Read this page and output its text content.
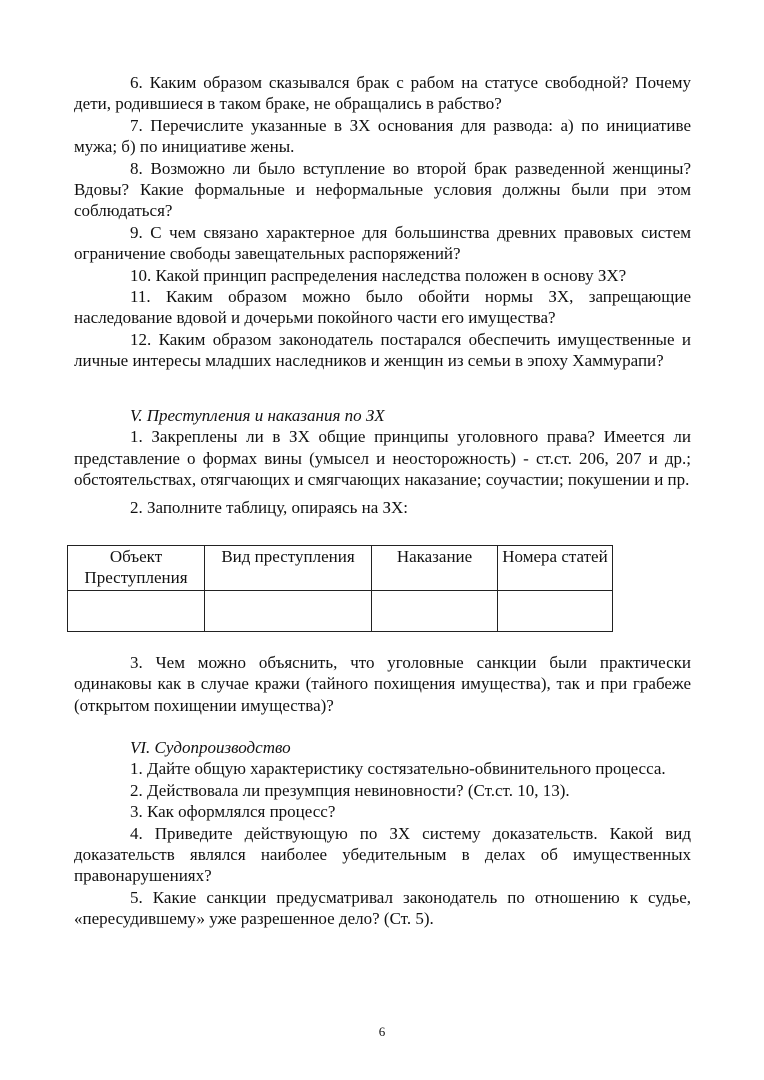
6. Каким образом сказывался брак с рабом на статусе свободной? Почему дети, родившиеся в таком браке, не обращались в рабство?

7. Перечислите указанные в ЗХ основания для развода: а) по инициативе мужа; б) по инициативе жены.

8. Возможно ли было вступление во второй брак разведенной женщины? Вдовы? Какие формальные и неформальные условия должны были при этом соблюдаться?

9. С чем связано характерное для большинства древних правовых систем ограничение свободы завещательных распоряжений?

10. Какой принцип распределения наследства положен в основу ЗХ?

11. Каким образом можно было обойти нормы ЗХ, запрещающие наследование вдовой и дочерьми покойного части его имущества?

12. Каким образом законодатель постарался обеспечить имущественные и личные интересы младших наследников и женщин из семьи в эпоху Хаммурапи?

V. Преступления и наказания по ЗХ

1. Закреплены ли в ЗХ общие принципы уголовного права? Имеется ли представление о формах вины (умысел и неосторожность) - ст.ст. 206, 207 и др.; обстоятельствах, отягчающих и смягчающих наказание; соучастии; покушении и пр.

2. Заполните таблицу, опираясь на ЗХ:

Объект Преступления	Вид преступления	Наказание	Номера статей

3. Чем можно объяснить, что уголовные санкции были практически одинаковы как в случае кражи (тайного похищения имущества), так и при грабеже (открытом похищении имущества)?

VI. Судопроизводство

1. Дайте общую характеристику состязательно-обвинительного процесса.

2. Действовала ли презумпция невиновности? (Ст.ст. 10, 13).

3. Как оформлялся процесс?

4. Приведите действующую по ЗХ систему доказательств. Какой вид доказательств являлся наиболее убедительным в делах об имущественных правонарушениях?

5. Какие санкции предусматривал законодатель по отношению к судье, «пересудившему» уже разрешенное дело? (Ст. 5).

6
